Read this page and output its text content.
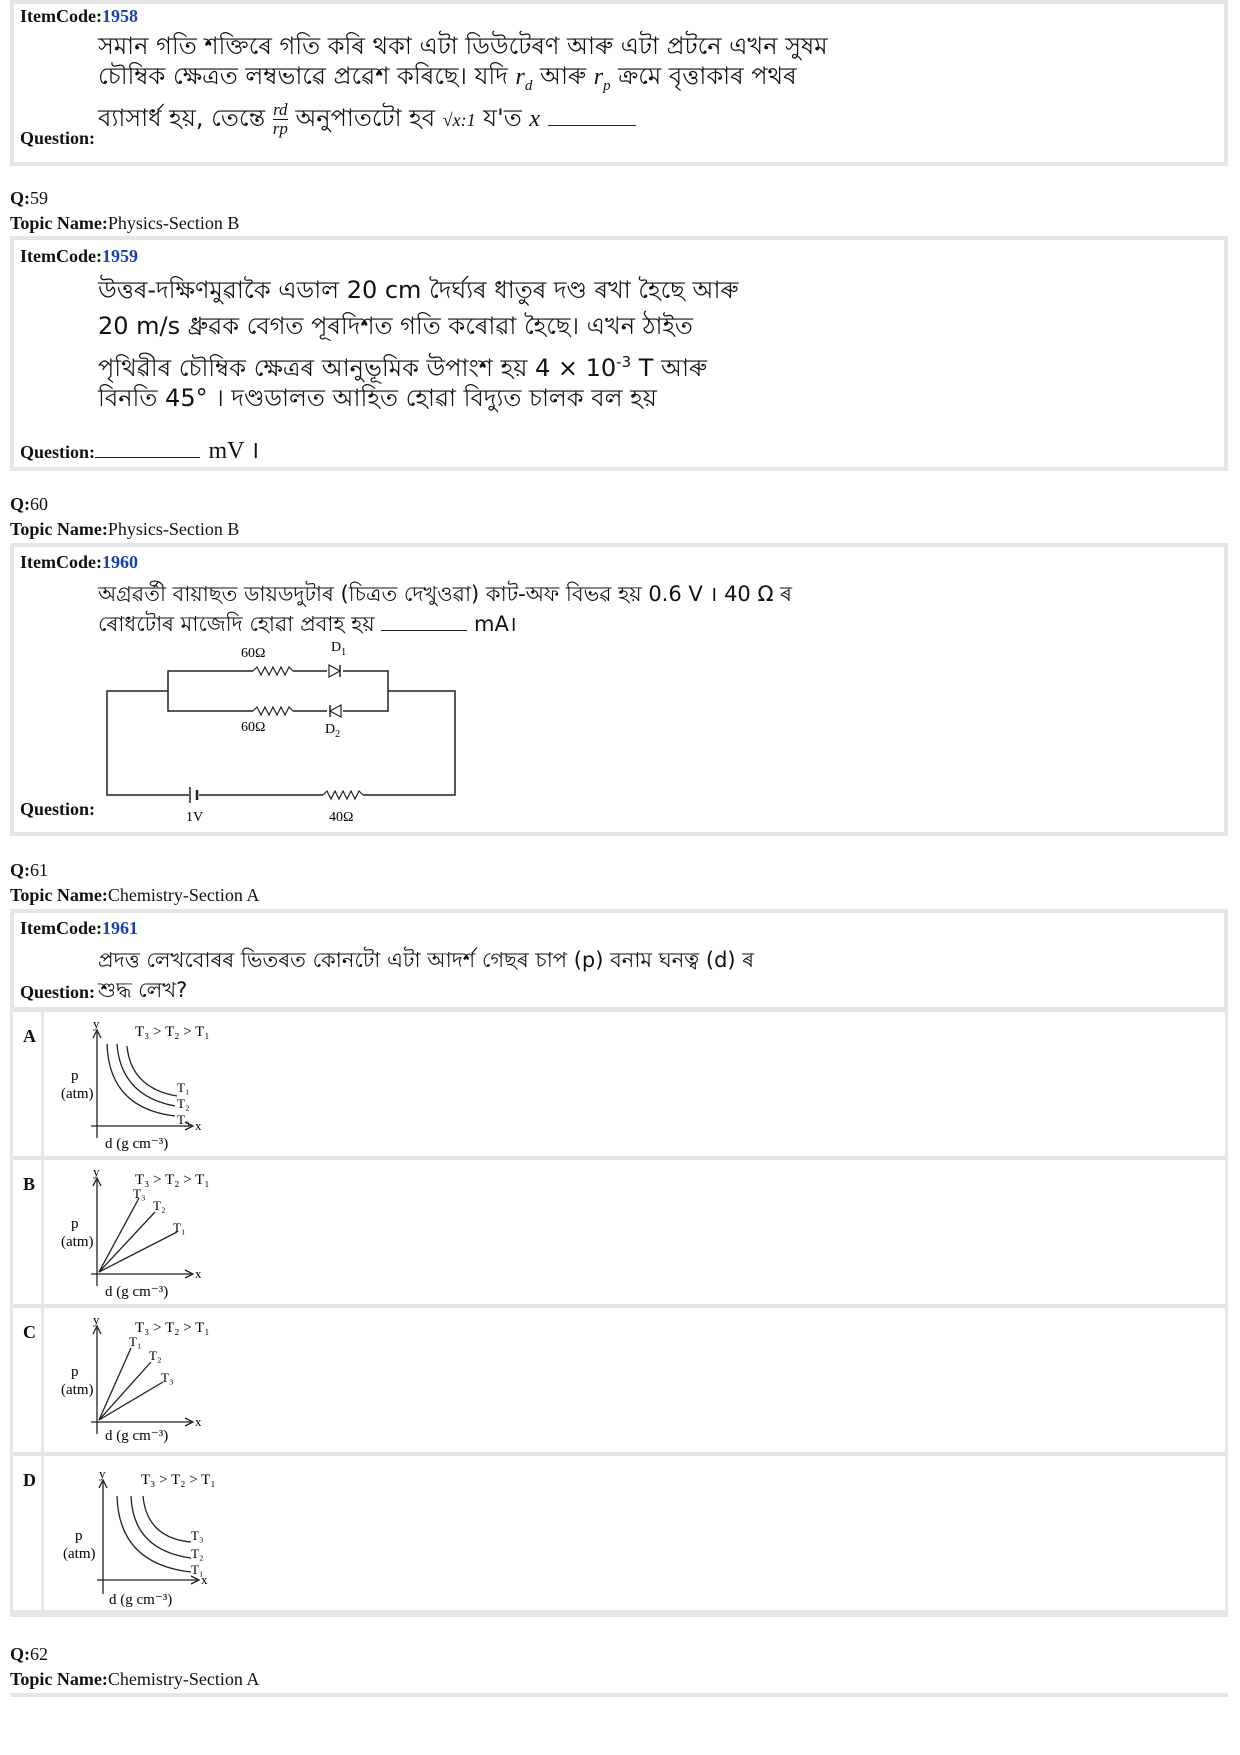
ItemCode:1958
সমান গতি শক্তিৰে গতি কৰি থকা এটা ডিউটেৰণ আৰু এটা প্ৰটনে এখন সুষম
চৌম্বিক ক্ষেত্ৰত লম্বভাৱে প্ৰৱেশ কৰিছে। যদি $r_d$ আৰু $r_p$ ক্ৰমে বৃত্তাকাৰ পথৰ
ব্যাসাৰ্ধ হয়, তেন্তে $\frac{rd}{rp}$ অনুপাতটো হব √x:1 য'ত x
Question:
Q:59
Topic Name:Physics-Section B
ItemCode:1959
উত্তৰ-দক্ষিণমুৱাকৈ এডাল 20 cm দৈৰ্ঘ্যৰ ধাতুৰ দণ্ড ৰখা হৈছে আৰু
20 m/s ধ্ৰুৱক বেগত পূৰদিশত গতি কৰোৱা হৈছে। এখন ঠাইত
পৃথিৱীৰ চৌম্বিক ক্ষেত্ৰৰ আনুভূমিক উপাংশ হয় $4 \times 10^{-3}$ T আৰু
বিনতি 45° । দণ্ডডালত আহিত হোৱা বিদ্যুত চালক বল হয়
Question:	mV ।
Q:60
Topic Name:Physics-Section B
ItemCode:1960
অগ্ৰৱৰ্তী বায়াছত ডায়ডদুটাৰ (চিত্ৰত দেখুওৱা) কাট-অফ বিভৱ হয় 0.6 V । 40 Ω ৰ
ৰোধটোৰ মাজেদি হোৱা প্ৰবাহ হয়	mA।
60Ω	$D_1$
60Ω	$D_2$
1V	40Ω
Question:
Q:61
Topic Name:Chemistry-Section A
ItemCode:1961
প্ৰদত্ত লেখবোৰৰ ভিতৰত কোনটো এটা আদৰ্শ গেছৰ চাপ (p) বনাম ঘনত্ব (d) ৰ
শুদ্ধ লেখ?
Question:
A
y
x
T₃ > T₂ > T₁
T₁
T₂
T₃
p
(atm)
d (g cm⁻³)
B
y
x
T₃ > T₂ > T₁
T₃
T₂
T₁
p
(atm)
d (g cm⁻³)
C
y
x
T₃ > T₂ > T₁
T₁
T₂
T₃
p
(atm)
d (g cm⁻³)
D	y
x
T₃ > T₂ > T₁
T₃
T₂
T₁
p
(atm)
d (g cm⁻³)
Q:62
Topic Name:Chemistry-Section A
